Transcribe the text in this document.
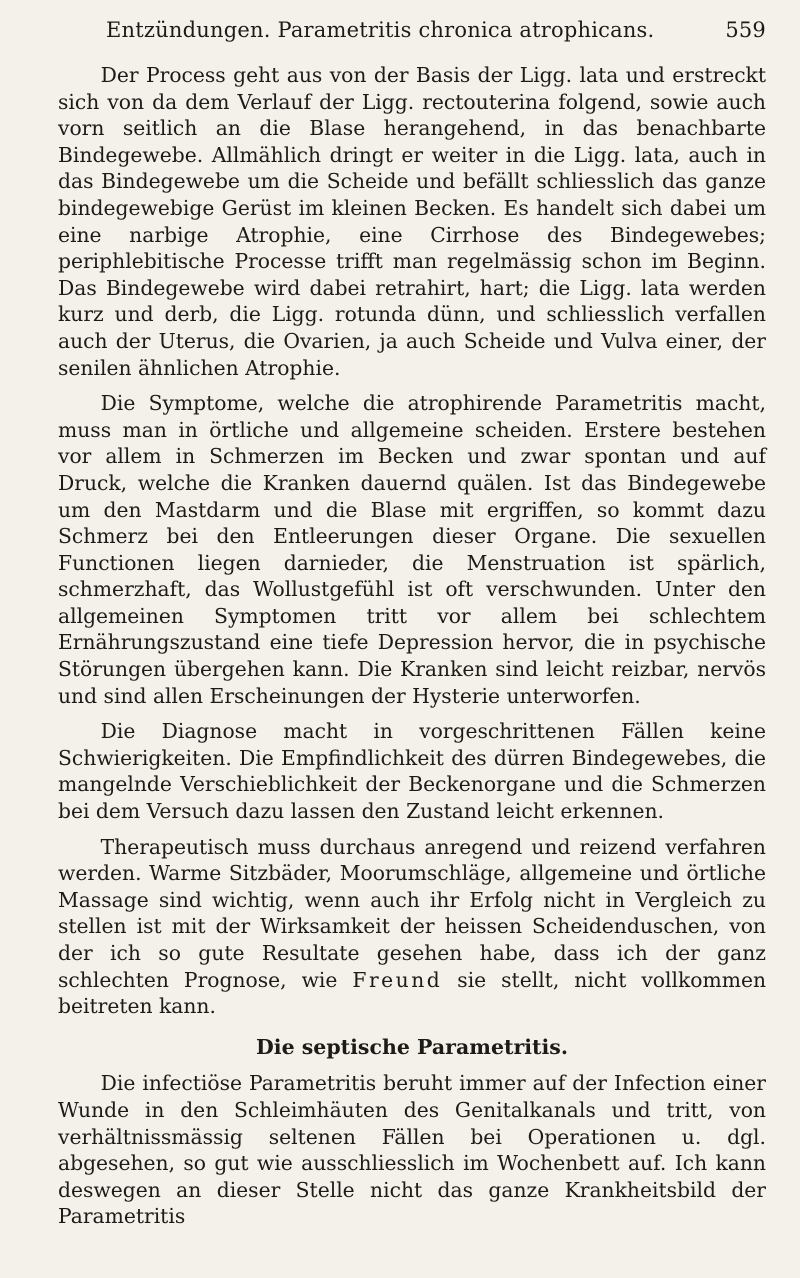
Entzündungen. Parametritis chronica atrophicans.	559

Der Process geht aus von der Basis der Ligg. lata und erstreckt sich von da dem Verlauf der Ligg. rectouterina folgend, sowie auch vorn seitlich an die Blase herangehend, in das benachbarte Bindegewebe. Allmählich dringt er weiter in die Ligg. lata, auch in das Bindegewebe um die Scheide und befällt schliesslich das ganze bindegewebige Gerüst im kleinen Becken. Es handelt sich dabei um eine narbige Atrophie, eine Cirrhose des Bindegewebes; periphlebitische Processe trifft man regelmässig schon im Beginn. Das Bindegewebe wird dabei retrahirt, hart; die Ligg. lata werden kurz und derb, die Ligg. rotunda dünn, und schliesslich verfallen auch der Uterus, die Ovarien, ja auch Scheide und Vulva einer, der senilen ähnlichen Atrophie.

Die Symptome, welche die atrophirende Parametritis macht, muss man in örtliche und allgemeine scheiden. Erstere bestehen vor allem in Schmerzen im Becken und zwar spontan und auf Druck, welche die Kranken dauernd quälen. Ist das Bindegewebe um den Mastdarm und die Blase mit ergriffen, so kommt dazu Schmerz bei den Entleerungen dieser Organe. Die sexuellen Functionen liegen darnieder, die Menstruation ist spärlich, schmerzhaft, das Wollustgefühl ist oft verschwunden. Unter den allgemeinen Symptomen tritt vor allem bei schlechtem Ernährungszustand eine tiefe Depression hervor, die in psychische Störungen übergehen kann. Die Kranken sind leicht reizbar, nervös und sind allen Erscheinungen der Hysterie unterworfen.

Die Diagnose macht in vorgeschrittenen Fällen keine Schwierigkeiten. Die Empfindlichkeit des dürren Bindegewebes, die mangelnde Verschieblichkeit der Beckenorgane und die Schmerzen bei dem Versuch dazu lassen den Zustand leicht erkennen.

Therapeutisch muss durchaus anregend und reizend verfahren werden. Warme Sitzbäder, Moorumschläge, allgemeine und örtliche Massage sind wichtig, wenn auch ihr Erfolg nicht in Vergleich zu stellen ist mit der Wirksamkeit der heissen Scheidenduschen, von der ich so gute Resultate gesehen habe, dass ich der ganz schlechten Prognose, wie Freund sie stellt, nicht vollkommen beitreten kann.

Die septische Parametritis.

Die infectiöse Parametritis beruht immer auf der Infection einer Wunde in den Schleimhäuten des Genitalkanals und tritt, von verhältnissmässig seltenen Fällen bei Operationen u. dgl. abgesehen, so gut wie ausschliesslich im Wochenbett auf. Ich kann deswegen an dieser Stelle nicht das ganze Krankheitsbild der Parametritis
